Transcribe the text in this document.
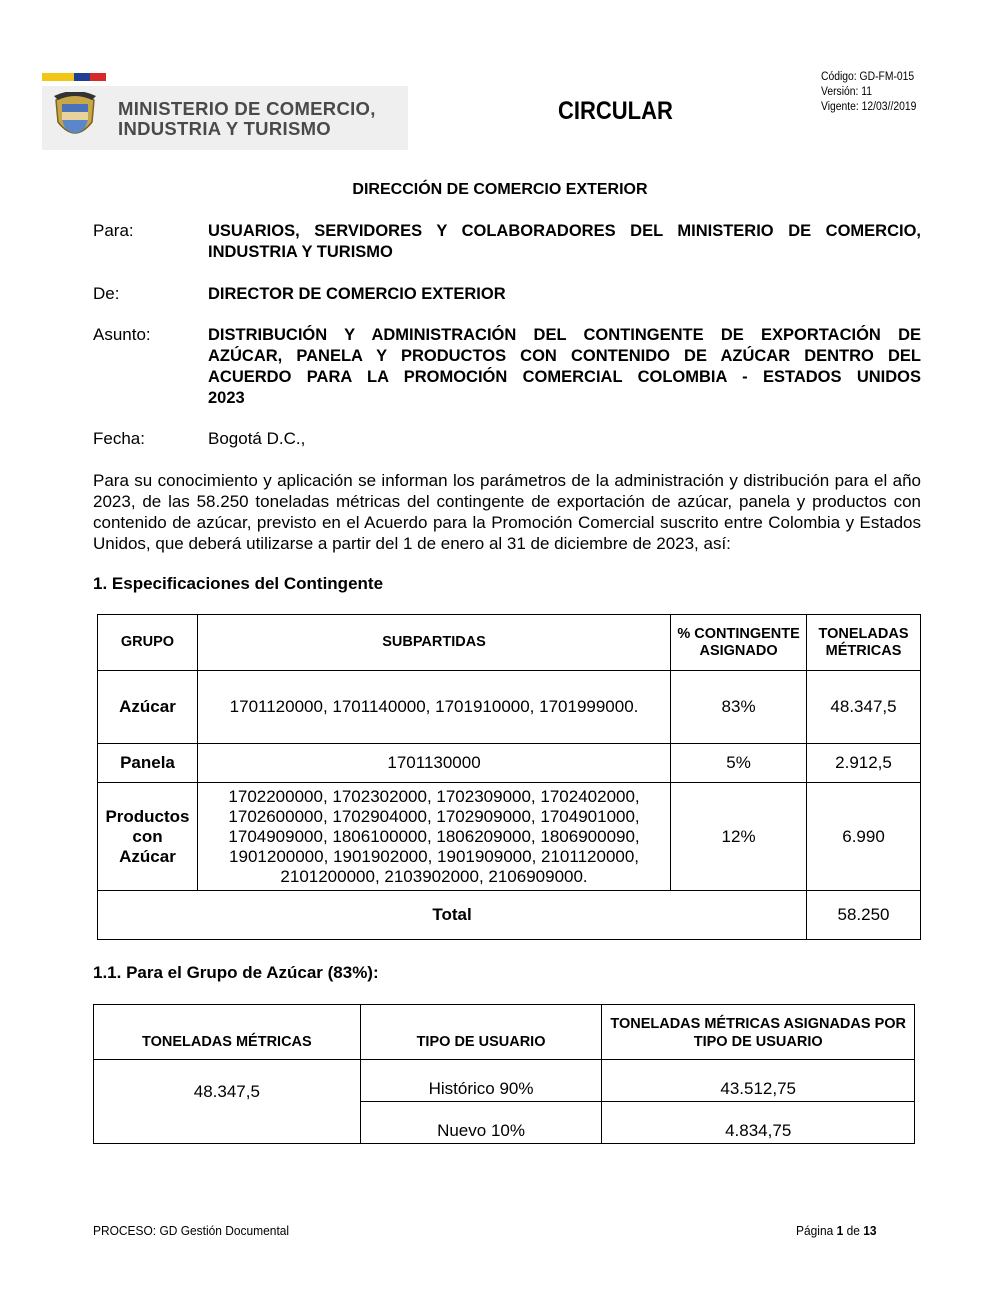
MINISTERIO DE COMERCIO,
INDUSTRIA Y TURISMO
CIRCULAR
Código: GD-FM-015
Versión: 11
Vigente: 12/03//2019
DIRECCIÓN DE COMERCIO EXTERIOR
Para:	USUARIOS, SERVIDORES Y COLABORADORES DEL MINISTERIO DE COMERCIO,
INDUSTRIA Y TURISMO
De:	DIRECTOR DE COMERCIO EXTERIOR
Asunto:	DISTRIBUCIÓN Y ADMINISTRACIÓN DEL CONTINGENTE DE EXPORTACIÓN DE
AZÚCAR, PANELA Y PRODUCTOS CON CONTENIDO DE AZÚCAR DENTRO DEL
ACUERDO PARA LA PROMOCIÓN COMERCIAL COLOMBIA - ESTADOS UNIDOS
2023
Fecha:	Bogotá D.C.,
Para su conocimiento y aplicación se informan los parámetros de la administración y distribución para el año 2023, de las 58.250 toneladas métricas del contingente de exportación de azúcar, panela y productos con contenido de azúcar, previsto en el Acuerdo para la Promoción Comercial suscrito entre Colombia y Estados Unidos, que deberá utilizarse a partir del 1 de enero al 31 de diciembre de 2023, así:
1. Especificaciones del Contingente
GRUPO	SUBPARTIDAS	% CONTINGENTE ASIGNADO	TONELADAS MÉTRICAS
Azúcar	1701120000, 1701140000, 1701910000, 1701999000.	83%	48.347,5
Panela	1701130000	5%	2.912,5
Productos con Azúcar	1702200000, 1702302000, 1702309000, 1702402000, 1702600000, 1702904000, 1702909000, 1704901000, 1704909000, 1806100000, 1806209000, 1806900090, 1901200000, 1901902000, 1901909000, 2101120000, 2101200000, 2103902000, 2106909000.	12%	6.990
Total			58.250
1.1. Para el Grupo de Azúcar (83%):
TONELADAS MÉTRICAS	TIPO DE USUARIO	TONELADAS MÉTRICAS ASIGNADAS POR TIPO DE USUARIO
48.347,5	Histórico 90%	43.512,75
	Nuevo 10%	4.834,75
PROCESO: GD Gestión Documental	Página 1 de 13
